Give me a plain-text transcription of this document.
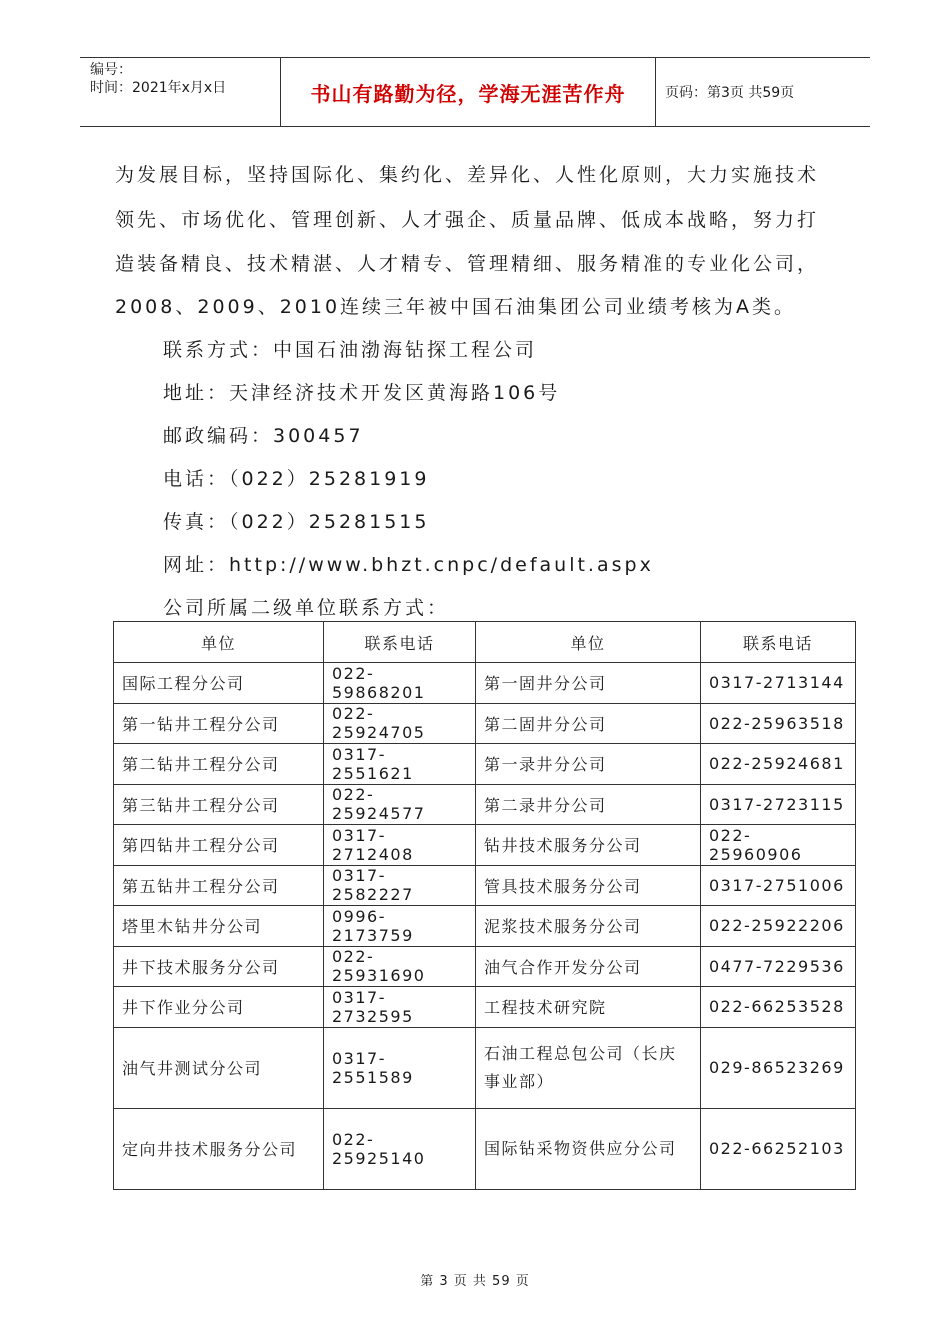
编号：
时间：2021年x月x日	书山有路勤为径，学海无涯苦作舟	页码：第3页 共59页
为发展目标，坚持国际化、集约化、差异化、人性化原则，大力实施技术
领先、市场优化、管理创新、人才强企、质量品牌、低成本战略，努力打
造装备精良、技术精湛、人才精专、管理精细、服务精准的专业化公司，
2008、2009、2010连续三年被中国石油集团公司业绩考核为A类。
联系方式：中国石油渤海钻探工程公司
地址：天津经济技术开发区黄海路106号
邮政编码：300457
电话：（022）25281919
传真：（022）25281515
网址：http://www.bhzt.cnpc/default.aspx
公司所属二级单位联系方式：
单位	联系电话	单位	联系电话
国际工程分公司	022-59868201	第一固井分公司	0317-2713144
第一钻井工程分公司	022-25924705	第二固井分公司	022-25963518
第二钻井工程分公司	0317-2551621	第一录井分公司	022-25924681
第三钻井工程分公司	022-25924577	第二录井分公司	0317-2723115
第四钻井工程分公司	0317-2712408	钻井技术服务分公司	022- 25960906
第五钻井工程分公司	0317-2582227	管具技术服务分公司	0317-2751006
塔里木钻井分公司	0996-2173759	泥浆技术服务分公司	022-25922206
井下技术服务分公司	022-25931690	油气合作开发分公司	0477-7229536
井下作业分公司	0317-2732595	工程技术研究院	022-66253528
油气井测试分公司	0317-2551589	石油工程总包公司（长庆事业部）	029-86523269
定向井技术服务分公司	022-25925140	国际钻采物资供应分公司	022-66252103
第 3 页 共 59 页
